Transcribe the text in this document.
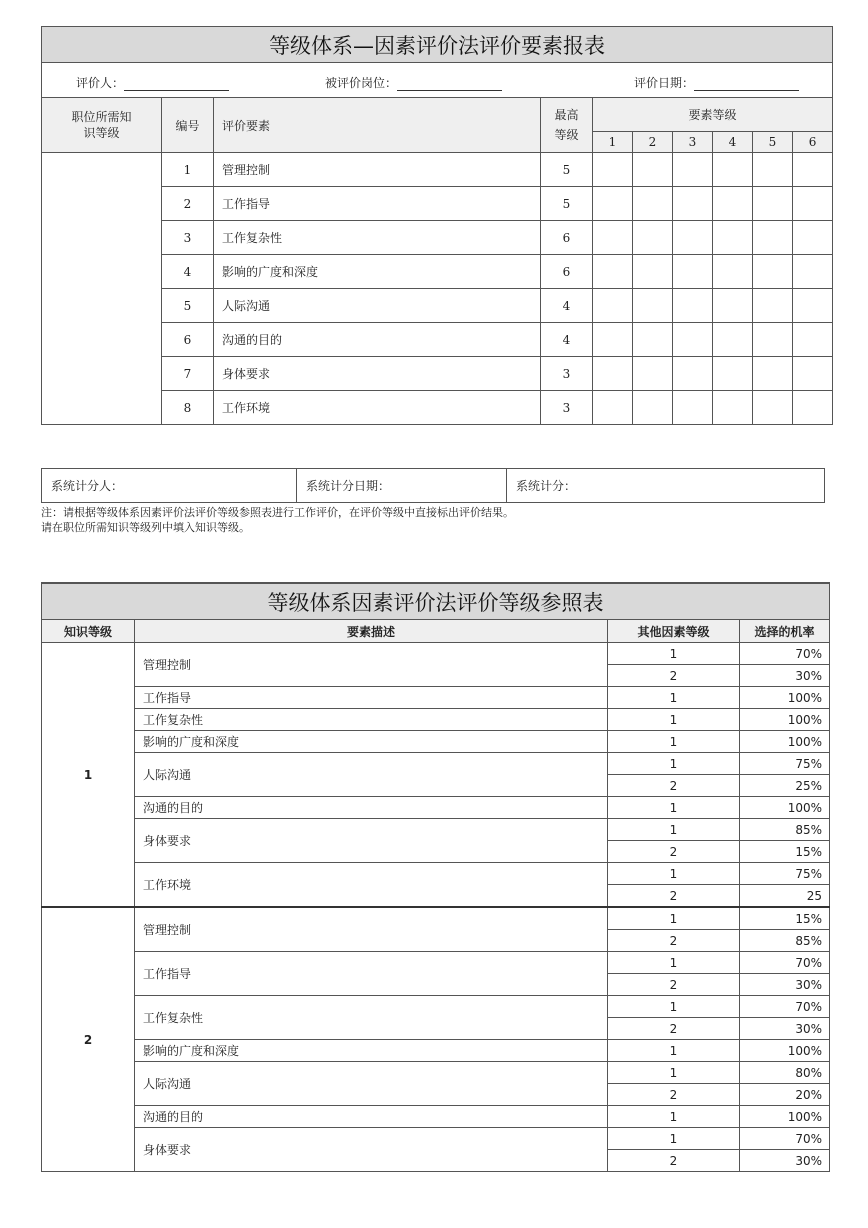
等级体系—因素评价法评价要素报表									

评价人： 被评价岗位： 评价日期：									

职位所需知识等级	编号	评价要素	最高等级	要素等级					
				1	2	3	4	5	6
	1	管理控制	5						
	2	工作指导	5						
	3	工作复杂性	6						
	4	影响的广度和深度	6						
	5	人际沟通	4						
	6	沟通的目的	4						
	7	身体要求	3						
	8	工作环境	3						
系统计分人：	系统计分日期：	系统计分：
注：请根据等级体系因素评价法评价等级参照表进行工作评价，在评价等级中直接标出评价结果。
请在职位所需知识等级列中填入知识等级。
等级体系因素评价法评价等级参照表			
知识等级	要素描述	其他因素等级	选择的机率
1	管理控制	1	70%
		2	30%
	工作指导	1	100%
	工作复杂性	1	100%
	影响的广度和深度	1	100%
	人际沟通	1	75%
		2	25%
	沟通的目的	1	100%
	身体要求	1	85%
		2	15%
	工作环境	1	75%
		2	25
2	管理控制	1	15%
		2	85%
	工作指导	1	70%
		2	30%
	工作复杂性	1	70%
		2	30%
	影响的广度和深度	1	100%
	人际沟通	1	80%
		2	20%
	沟通的目的	1	100%
	身体要求	1	70%
		2	30%
